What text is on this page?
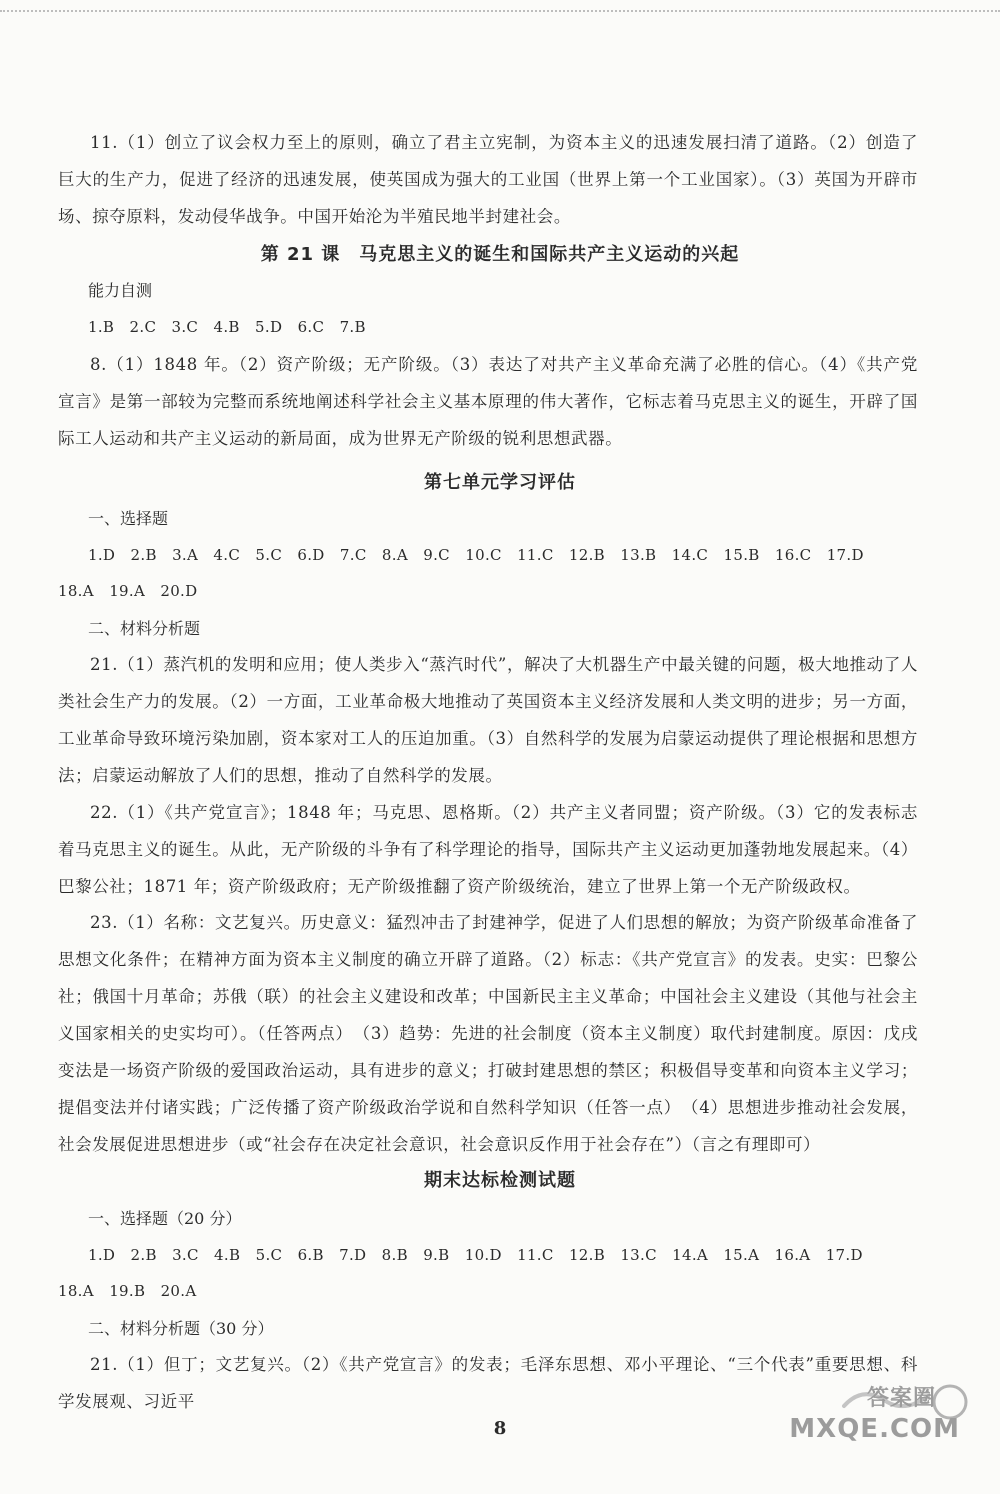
11.（1）创立了议会权力至上的原则，确立了君主立宪制，为资本主义的迅速发展扫清了道路。（2）创造了巨大的生产力，促进了经济的迅速发展，使英国成为强大的工业国（世界上第一个工业国家）。（3）英国为开辟市场、掠夺原料，发动侵华战争。中国开始沦为半殖民地半封建社会。

第 21 课　马克思主义的诞生和国际共产主义运动的兴起

能力自测

1.B　2.C　3.C　4.B　5.D　6.C　7.B

8.（1）1848 年。（2）资产阶级；无产阶级。（3）表达了对共产主义革命充满了必胜的信心。（4）《共产党宣言》是第一部较为完整而系统地阐述科学社会主义基本原理的伟大著作，它标志着马克思主义的诞生，开辟了国际工人运动和共产主义运动的新局面，成为世界无产阶级的锐利思想武器。

第七单元学习评估

一、选择题

1.D　2.B　3.A　4.C　5.C　6.D　7.C　8.A　9.C　10.C　11.C　12.B　13.B　14.C　15.B　16.C　17.D

18.A　19.A　20.D

二、材料分析题

21.（1）蒸汽机的发明和应用；使人类步入“蒸汽时代”，解决了大机器生产中最关键的问题，极大地推动了人类社会生产力的发展。（2）一方面，工业革命极大地推动了英国资本主义经济发展和人类文明的进步；另一方面，工业革命导致环境污染加剧，资本家对工人的压迫加重。（3）自然科学的发展为启蒙运动提供了理论根据和思想方法；启蒙运动解放了人们的思想，推动了自然科学的发展。

22.（1）《共产党宣言》；1848 年；马克思、恩格斯。（2）共产主义者同盟；资产阶级。（3）它的发表标志着马克思主义的诞生。从此，无产阶级的斗争有了科学理论的指导，国际共产主义运动更加蓬勃地发展起来。（4）巴黎公社；1871 年；资产阶级政府；无产阶级推翻了资产阶级统治，建立了世界上第一个无产阶级政权。

23.（1）名称：文艺复兴。历史意义：猛烈冲击了封建神学，促进了人们思想的解放；为资产阶级革命准备了思想文化条件；在精神方面为资本主义制度的确立开辟了道路。（2）标志：《共产党宣言》的发表。史实：巴黎公社；俄国十月革命；苏俄（联）的社会主义建设和改革；中国新民主主义革命；中国社会主义建设（其他与社会主义国家相关的史实均可）。（任答两点）　（3）趋势：先进的社会制度（资本主义制度）取代封建制度。原因：戊戌变法是一场资产阶级的爱国政治运动，具有进步的意义；打破封建思想的禁区；积极倡导变革和向资本主义学习；提倡变法并付诸实践；广泛传播了资产阶级政治学说和自然科学知识（任答一点）　（4）思想进步推动社会发展，社会发展促进思想进步（或“社会存在决定社会意识，社会意识反作用于社会存在”）（言之有理即可）

期末达标检测试题

一、选择题（20 分）

1.D　2.B　3.C　4.B　5.C　6.B　7.D　8.B　9.B　10.D　11.C　12.B　13.C　14.A　15.A　16.A　17.D

18.A　19.B　20.A

二、材料分析题（30 分）

21.（1）但丁；文艺复兴。（2）《共产党宣言》的发表；毛泽东思想、邓小平理论、“三个代表”重要思想、科学发展观、习近平

8
答案圈
MXQE.COM
